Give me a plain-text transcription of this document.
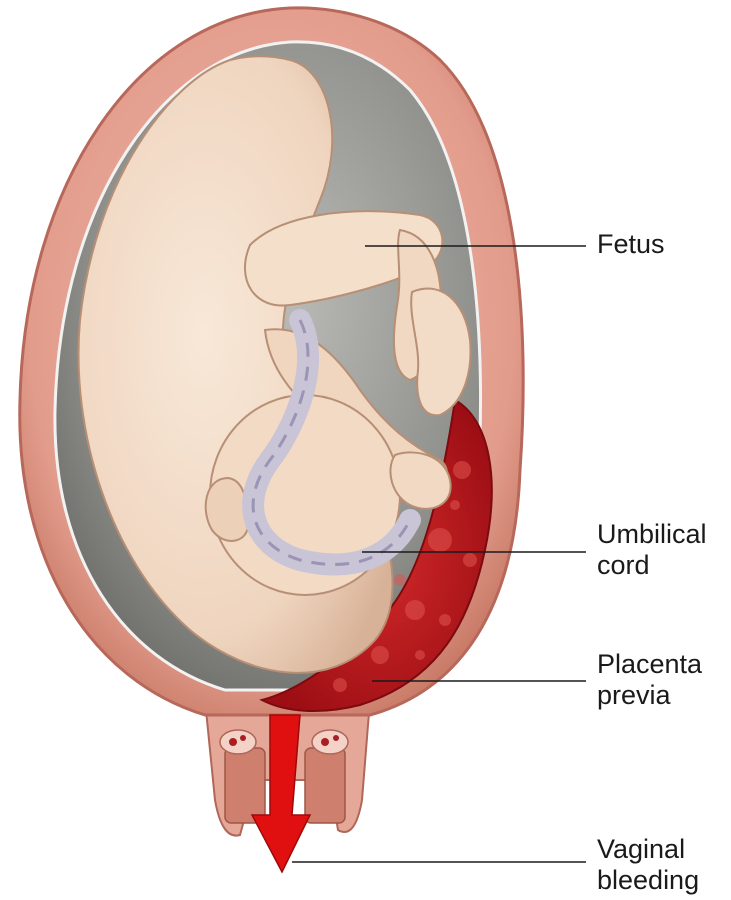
Fetus
Umbilical
cord
Placenta
previa
Vaginal
bleeding
